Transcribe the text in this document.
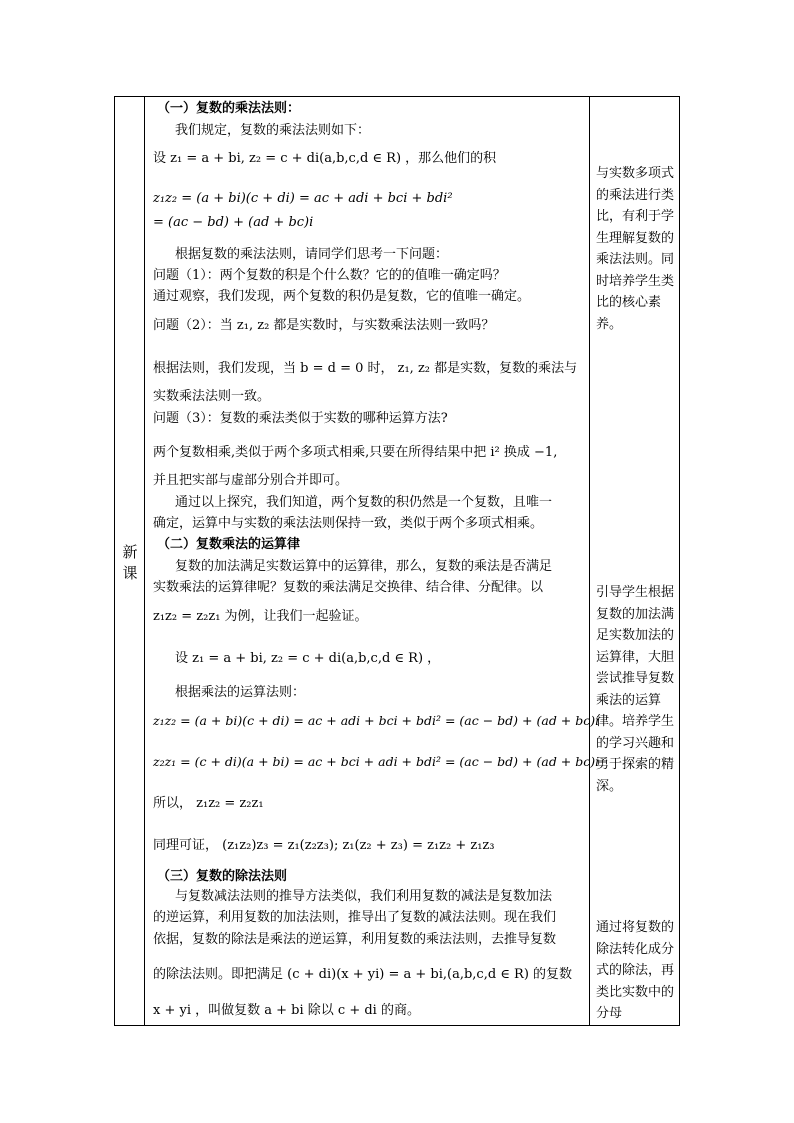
新课
（一）复数的乘法法则：
我们规定，复数的乘法法则如下：
设 z₁ = a + bi, z₂ = c + di(a,b,c,d ∈ R) ，那么他们的积
z₁z₂ = (a + bi)(c + di) = ac + adi + bci + bdi²
= (ac − bd) + (ad + bc)i
根据复数的乘法法则，请同学们思考一下问题：
问题（1）：两个复数的积是个什么数？它的的值唯一确定吗？
通过观察，我们发现，两个复数的积仍是复数，它的值唯一确定。
问题（2）：当 z₁, z₂ 都是实数时，与实数乘法法则一致吗？
根据法则，我们发现，当 b = d = 0 时， z₁, z₂ 都是实数，复数的乘法与
实数乘法法则一致。
问题（3）：复数的乘法类似于实数的哪种运算方法?
两个复数相乘,类似于两个多项式相乘,只要在所得结果中把 i² 换成 −1,
并且把实部与虚部分别合并即可。
通过以上探究，我们知道，两个复数的积仍然是一个复数，且唯一
确定，运算中与实数的乘法法则保持一致，类似于两个多项式相乘。
（二）复数乘法的运算律
复数的加法满足实数运算中的运算律，那么，复数的乘法是否满足
实数乘法的运算律呢？复数的乘法满足交换律、结合律、分配律。以
z₁z₂ = z₂z₁ 为例，让我们一起验证。
设 z₁ = a + bi, z₂ = c + di(a,b,c,d ∈ R) ，
根据乘法的运算法则：
z₁z₂ = (a + bi)(c + di) = ac + adi + bci + bdi² = (ac − bd) + (ad + bc)i
z₂z₁ = (c + di)(a + bi) = ac + bci + adi + bdi² = (ac − bd) + (ad + bc)i
所以， z₁z₂ = z₂z₁
同理可证， (z₁z₂)z₃ = z₁(z₂z₃); z₁(z₂ + z₃) = z₁z₂ + z₁z₃
（三）复数的除法法则
与复数减法法则的推导方法类似，我们利用复数的减法是复数加法
的逆运算，利用复数的加法法则，推导出了复数的减法法则。现在我们
依据，复数的除法是乘法的逆运算，利用复数的乘法法则，去推导复数
的除法法则。即把满足 (c + di)(x + yi) = a + bi,(a,b,c,d ∈ R) 的复数
x + yi ，叫做复数 a + bi 除以 c + di 的商。
与实数多项式的乘法进行类比，有利于学生理解复数的乘法法则。同时培养学生类比的核心素养。
引导学生根据复数的加法满足实数加法的运算律，大胆尝试推导复数乘法的运算律。培养学生的学习兴趣和勇于探索的精深。
通过将复数的除法转化成分式的除法，再类比实数中的分母
